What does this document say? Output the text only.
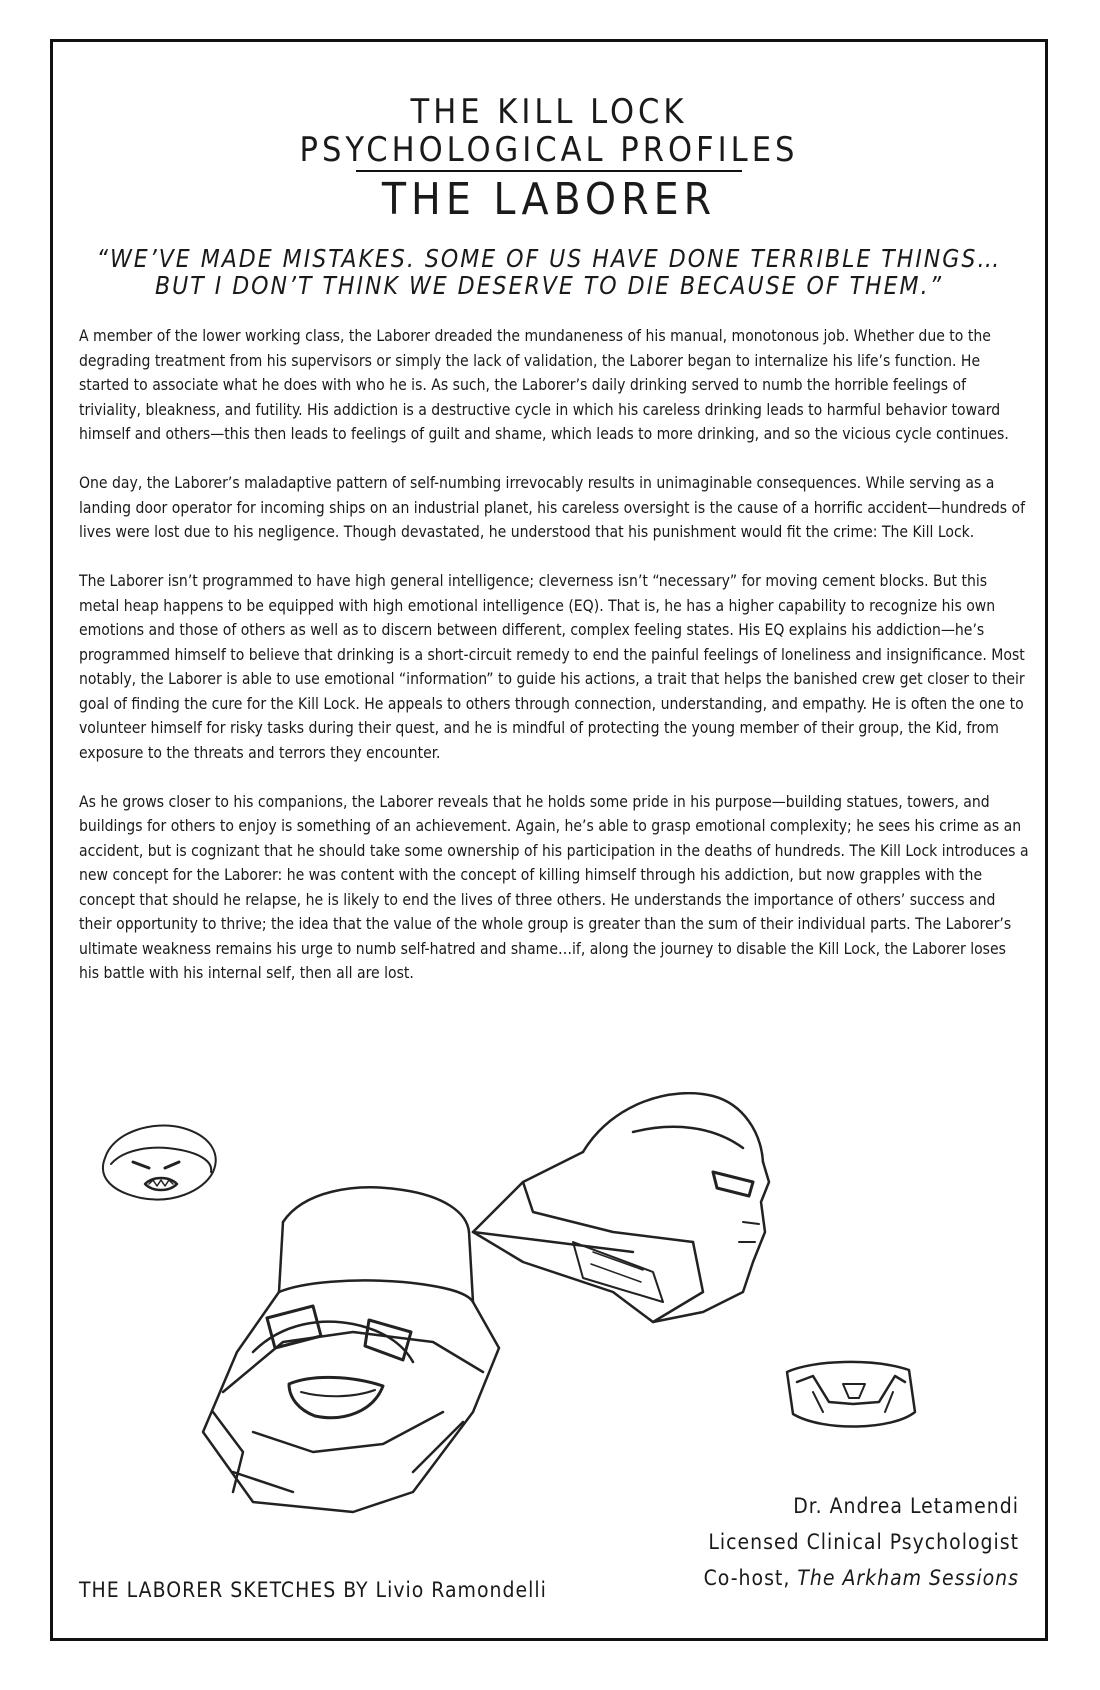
THE KILL LOCK
PSYCHOLOGICAL PROFILES
THE LABORER
“WE’VE MADE MISTAKES. SOME OF US HAVE DONE TERRIBLE THINGS…
BUT I DON’T THINK WE DESERVE TO DIE BECAUSE OF THEM.”

A member of the lower working class, the Laborer dreaded the mundaneness of his manual, monotonous job. Whether due to the degrading treatment from his supervisors or simply the lack of validation, the Laborer began to internalize his life’s function. He started to associate what he does with who he is. As such, the Laborer’s daily drinking served to numb the horrible feelings of triviality, bleakness, and futility. His addiction is a destructive cycle in which his careless drinking leads to harmful behavior toward himself and others—this then leads to feelings of guilt and shame, which leads to more drinking, and so the vicious cycle continues.

One day, the Laborer’s maladaptive pattern of self-numbing irrevocably results in unimaginable consequences. While serving as a landing door operator for incoming ships on an industrial planet, his careless oversight is the cause of a horrific accident—hundreds of lives were lost due to his negligence. Though devastated, he understood that his punishment would fit the crime: The Kill Lock.

The Laborer isn’t programmed to have high general intelligence; cleverness isn’t “necessary” for moving cement blocks. But this metal heap happens to be equipped with high emotional intelligence (EQ). That is, he has a higher capability to recognize his own emotions and those of others as well as to discern between different, complex feeling states. His EQ explains his addiction—he’s programmed himself to believe that drinking is a short-circuit remedy to end the painful feelings of loneliness and insignificance. Most notably, the Laborer is able to use emotional “information” to guide his actions, a trait that helps the banished crew get closer to their goal of finding the cure for the Kill Lock. He appeals to others through connection, understanding, and empathy. He is often the one to volunteer himself for risky tasks during their quest, and he is mindful of protecting the young member of their group, the Kid, from exposure to the threats and terrors they encounter.

As he grows closer to his companions, the Laborer reveals that he holds some pride in his purpose—building statues, towers, and buildings for others to enjoy is something of an achievement. Again, he’s able to grasp emotional complexity; he sees his crime as an accident, but is cognizant that he should take some ownership of his participation in the deaths of hundreds. The Kill Lock introduces a new concept for the Laborer: he was content with the concept of killing himself through his addiction, but now grapples with the concept that should he relapse, he is likely to end the lives of three others. He understands the importance of others’ success and their opportunity to thrive; the idea that the value of the whole group is greater than the sum of their individual parts. The Laborer’s ultimate weakness remains his urge to numb self-hatred and shame…if, along the journey to disable the Kill Lock, the Laborer loses his battle with his internal self, then all are lost.

THE LABORER SKETCHES BY Livio Ramondelli
Dr. Andrea Letamendi
Licensed Clinical Psychologist
Co-host, The Arkham Sessions
